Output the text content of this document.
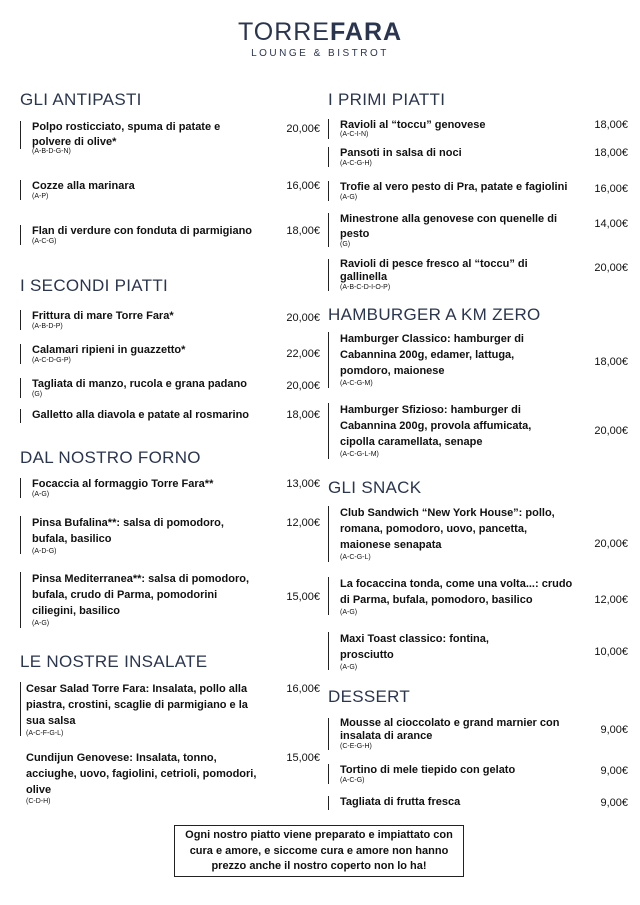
TORREFARA
LOUNGE & BISTROT
GLI ANTIPASTI
Polpo rosticciato, spuma di patate e polvere di olive*
(A-B-D-G-N)
20,00€
Cozze alla marinara
(A-P)
16,00€
Flan di verdure con fonduta di parmigiano
(A-C-G)
18,00€
I SECONDI PIATTI
Frittura di mare Torre Fara*
(A-B-D-P)
20,00€
Calamari ripieni in guazzetto*
(A-C-D-G-P)
22,00€
Tagliata di manzo, rucola e grana padano
(G)
20,00€
Galletto alla diavola e patate al rosmarino	18,00€
DAL NOSTRO FORNO
Focaccia al formaggio Torre Fara**
(A-G)
13,00€
Pinsa Bufalina**: salsa di pomodoro, bufala, basilico
(A-D-G)
12,00€
Pinsa Mediterranea**: salsa di pomodoro, bufala, crudo di Parma, pomodorini ciliegini, basilico
(A-G)
15,00€
LE NOSTRE INSALATE
Cesar Salad Torre Fara: Insalata, pollo alla piastra, crostini, scaglie di parmigiano e la sua salsa
(A-C-F-G-L)
16,00€
Cundijun Genovese: Insalata, tonno, acciughe, uovo, fagiolini, cetrioli, pomodori, olive
(C-D-H)
15,00€
I PRIMI PIATTI
Ravioli al “toccu” genovese
(A-C-I-N)
18,00€
Pansoti in salsa di noci
(A-C-G-H)
18,00€
Trofie al vero pesto di Pra, patate e fagiolini
(A-G)
16,00€
Minestrone alla genovese con quenelle di pesto
(G)
14,00€
Ravioli di pesce fresco al “toccu” di gallinella
(A-B-C-D-I-O-P)
20,00€
HAMBURGER A KM ZERO
Hamburger Classico: hamburger di Cabannina 200g, edamer, lattuga, pomdoro, maionese
(A-C-G-M)
18,00€
Hamburger Sfizioso: hamburger di Cabannina 200g, provola affumicata, cipolla caramellata, senape
(A-C-G-L-M)
20,00€
GLI SNACK
Club Sandwich “New York House”: pollo, romana, pomodoro, uovo, pancetta, maionese senapata
(A-C-G-L)
20,00€
La focaccina tonda, come una volta...: crudo di Parma, bufala, pomodoro, basilico
(A-G)
12,00€
Maxi Toast classico: fontina, prosciutto
(A-G)
10,00€
DESSERT
Mousse al cioccolato e grand marnier con insalata di arance
(C-E-G-H)
9,00€
Tortino di mele tiepido con gelato
(A-C-G)
9,00€
Tagliata di frutta fresca	9,00€
Ogni nostro piatto viene preparato e impiattato con cura e amore, e siccome cura e amore non hanno prezzo anche il nostro coperto non lo ha!
